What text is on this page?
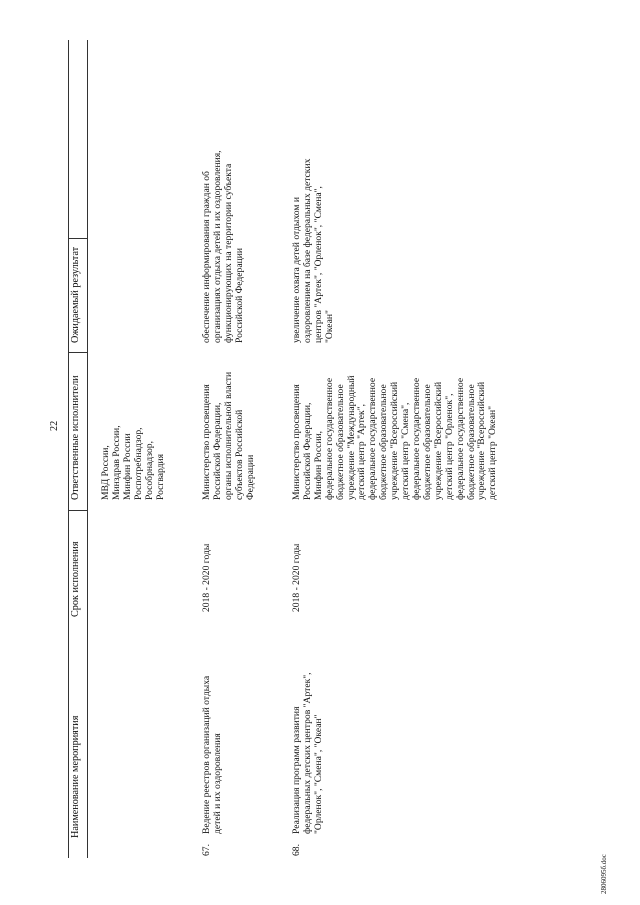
Наименование мероприятия
Срок исполнения
Ответственные исполнители
Ожидаемый результат
22
МВД России,
Минздрав России,
Минфин России
Роспотребнадзор,
Рособрнадзор,
Росгвардия
67.
Ведение реестров организаций отдыха
детей и их оздоровления
2018 - 2020 годы
Министерство просвещения
Российской Федерации,
органы исполнительной власти
субъектов Российской
Федерации
обеспечение информирования граждан об
организациях отдыха детей и их оздоровления,
функционирующих на территории субъекта
Российской Федерации
68.
Реализация программ развития
федеральных детских центров "Артек",
"Орленок", "Смена", "Океан"
2018 - 2020 годы
Министерство просвещения
Российской Федерации,
Минфин России,
федеральное государственное
бюджетное образовательное
учреждение "Международный
детский центр "Артек",
федеральное государственное
бюджетное образовательное
учреждение "Всероссийский
детский центр "Смена",
федеральное государственное
бюджетное образовательное
учреждение "Всероссийский
детский центр "Орленок",
федеральное государственное
бюджетное образовательное
учреждение "Всероссийский
детский центр "Океан"
увеличение охвата детей отдыхом и
оздоровлением на базе федеральных детских
центров "Артек", "Орленок", "Смена",
"Океан"
2806095б.doc
